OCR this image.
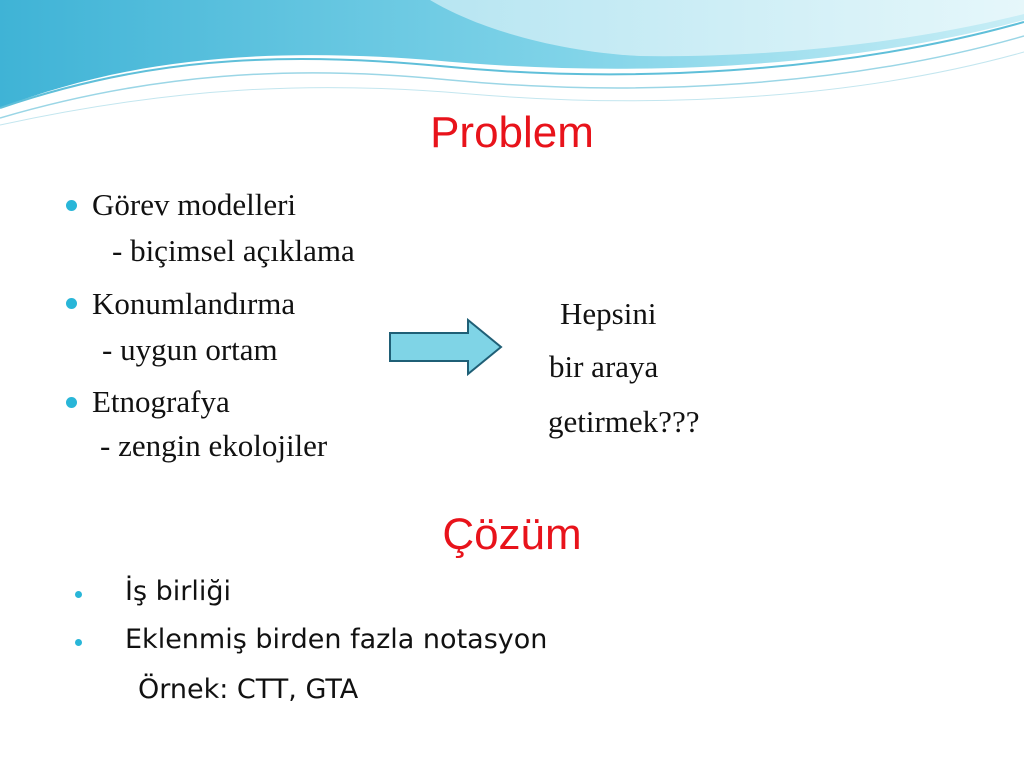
Problem
Görev modelleri
- biçimsel açıklama
Konumlandırma
- uygun ortam
Etnografya
- zengin ekolojiler
Hepsini
bir araya
getirmek???
Çözüm
İş birliği
Eklenmiş birden fazla notasyon
Örnek: CTT, GTA
